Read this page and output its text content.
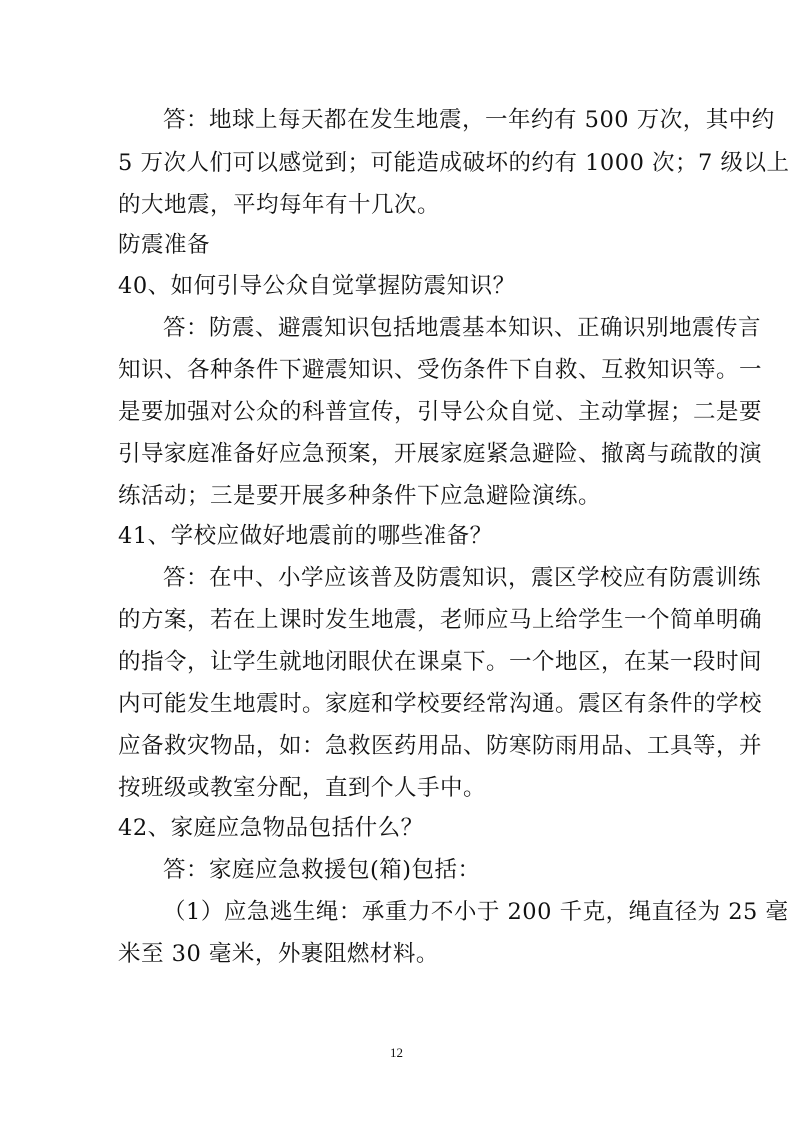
答：地球上每天都在发生地震，一年约有 500 万次，其中约
5 万次人们可以感觉到；可能造成破坏的约有 1000 次；7 级以上
的大地震，平均每年有十几次。
防震准备
40、如何引导公众自觉掌握防震知识？
答：防震、避震知识包括地震基本知识、正确识别地震传言
知识、各种条件下避震知识、受伤条件下自救、互救知识等。一
是要加强对公众的科普宣传，引导公众自觉、主动掌握；二是要
引导家庭准备好应急预案，开展家庭紧急避险、撤离与疏散的演
练活动；三是要开展多种条件下应急避险演练。
41、学校应做好地震前的哪些准备？
答：在中、小学应该普及防震知识，震区学校应有防震训练
的方案，若在上课时发生地震，老师应马上给学生一个简单明确
的指令，让学生就地闭眼伏在课桌下。一个地区，在某一段时间
内可能发生地震时。家庭和学校要经常沟通。震区有条件的学校
应备救灾物品，如：急救医药用品、防寒防雨用品、工具等，并
按班级或教室分配，直到个人手中。
42、家庭应急物品包括什么？
答：家庭应急救援包(箱)包括：
（1）应急逃生绳：承重力不小于 200 千克，绳直径为 25 毫
米至 30 毫米，外裹阻燃材料。
12
